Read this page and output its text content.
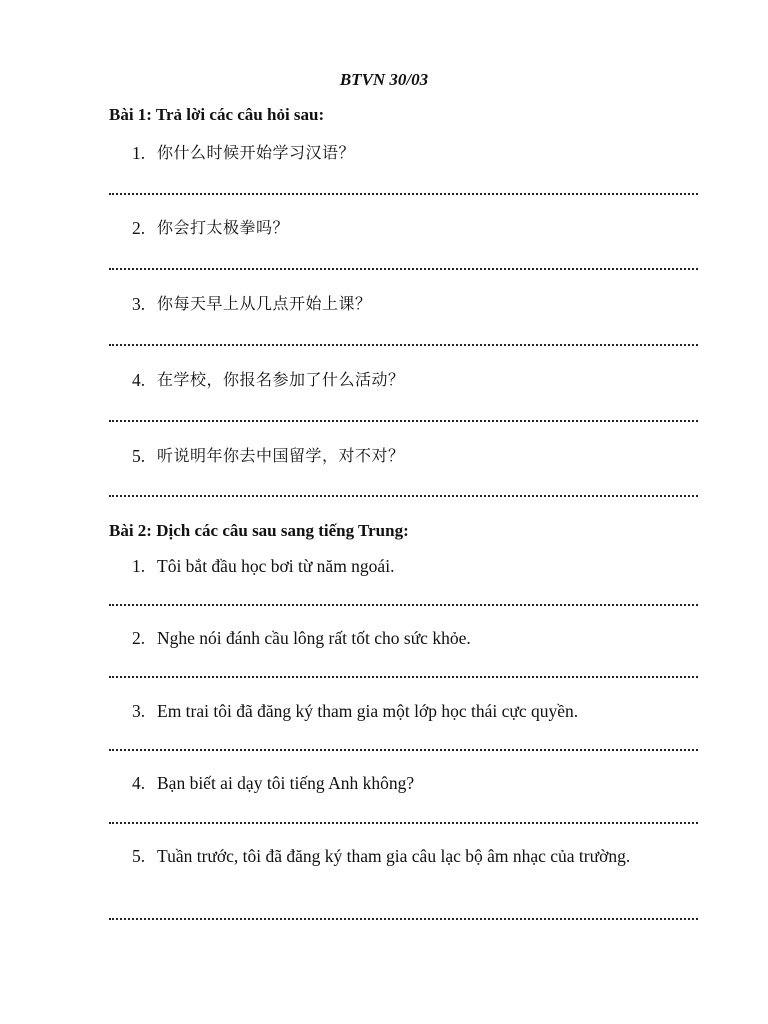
BTVN 30/03
Bài 1: Trả lời các câu hỏi sau:
1. 你什么时候开始学习汉语？
2. 你会打太极拳吗？
3. 你每天早上从几点开始上课？
4. 在学校，你报名参加了什么活动？
5. 听说明年你去中国留学，对不对？
Bài 2: Dịch các câu sau sang tiếng Trung:
1. Tôi bắt đầu học bơi từ năm ngoái.
2. Nghe nói đánh cầu lông rất tốt cho sức khỏe.
3. Em trai tôi đã đăng ký tham gia một lớp học thái cực quyền.
4. Bạn biết ai dạy tôi tiếng Anh không?
5. Tuần trước, tôi đã đăng ký tham gia câu lạc bộ âm nhạc của trường.
